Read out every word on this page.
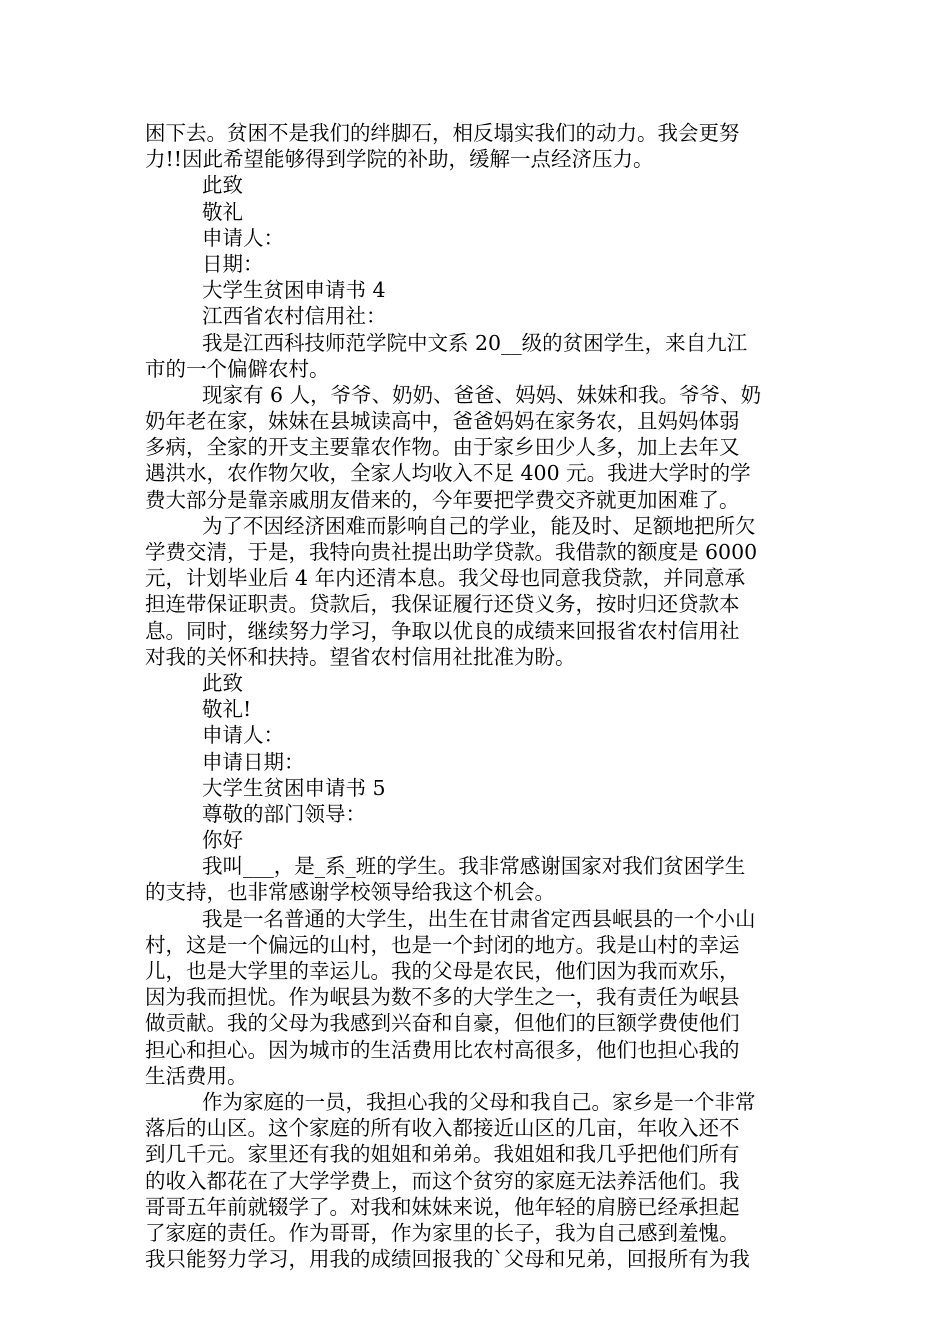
困下去。贫困不是我们的绊脚石，相反塌实我们的动力。我会更努
力!!因此希望能够得到学院的补助，缓解一点经济压力。
此致
敬礼
申请人：
日期：
大学生贫困申请书 4
江西省农村信用社：
我是江西科技师范学院中文系 20__级的贫困学生，来自九江
市的一个偏僻农村。
现家有 6 人，爷爷、奶奶、爸爸、妈妈、妹妹和我。爷爷、奶
奶年老在家，妹妹在县城读高中，爸爸妈妈在家务农，且妈妈体弱
多病，全家的开支主要靠农作物。由于家乡田少人多，加上去年又
遇洪水，农作物欠收，全家人均收入不足 400 元。我进大学时的学
费大部分是靠亲戚朋友借来的，今年要把学费交齐就更加困难了。
为了不因经济困难而影响自己的学业，能及时、足额地把所欠
学费交清，于是，我特向贵社提出助学贷款。我借款的额度是 6000
元，计划毕业后 4 年内还清本息。我父母也同意我贷款，并同意承
担连带保证职责。贷款后，我保证履行还贷义务，按时归还贷款本
息。同时，继续努力学习，争取以优良的成绩来回报省农村信用社
对我的关怀和扶持。望省农村信用社批准为盼。
此致
敬礼!
申请人：
申请日期：
大学生贫困申请书 5
尊敬的部门领导：
你好
我叫___，是_系_班的学生。我非常感谢国家对我们贫困学生
的支持，也非常感谢学校领导给我这个机会。
我是一名普通的大学生，出生在甘肃省定西县岷县的一个小山
村，这是一个偏远的山村，也是一个封闭的地方。我是山村的幸运
儿，也是大学里的幸运儿。我的父母是农民，他们因为我而欢乐，
因为我而担忧。作为岷县为数不多的大学生之一，我有责任为岷县
做贡献。我的父母为我感到兴奋和自豪，但他们的巨额学费使他们
担心和担心。因为城市的生活费用比农村高很多，他们也担心我的
生活费用。
作为家庭的一员，我担心我的父母和我自己。家乡是一个非常
落后的山区。这个家庭的所有收入都接近山区的几亩，年收入还不
到几千元。家里还有我的姐姐和弟弟。我姐姐和我几乎把他们所有
的收入都花在了大学学费上，而这个贫穷的家庭无法养活他们。我
哥哥五年前就辍学了。对我和妹妹来说，他年轻的肩膀已经承担起
了家庭的责任。作为哥哥，作为家里的长子，我为自己感到羞愧。
我只能努力学习，用我的成绩回报我的`父母和兄弟，回报所有为我
